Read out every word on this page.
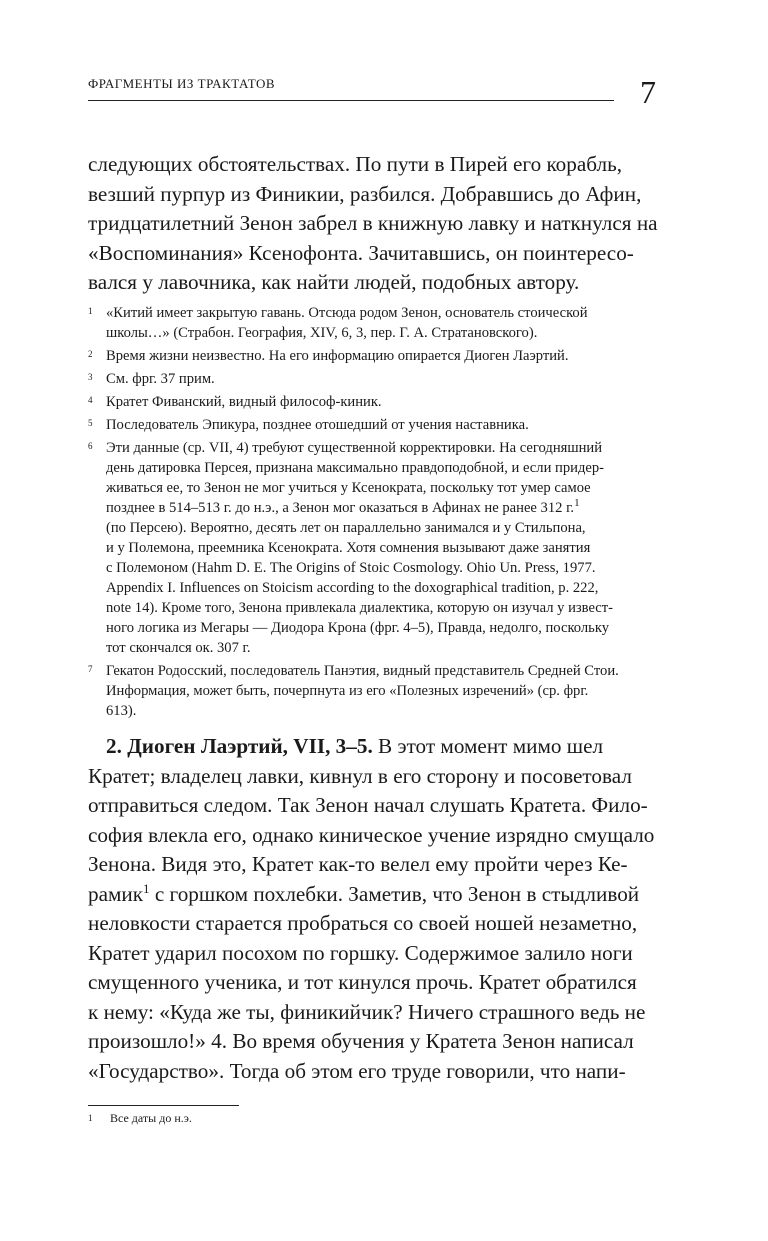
ФРАГМЕНТЫ ИЗ ТРАКТАТОВ	7
следующих обстоятельствах. По пути в Пирей его корабль,
везший пурпур из Финикии, разбился. Добравшись до Афин,
тридцатилетний Зенон забрел в книжную лавку и наткнулся на
«Воспоминания» Ксенофонта. Зачитавшись, он поинтересо-
вался у лавочника, как найти людей, подобных автору.
1 «Китий имеет закрытую гавань. Отсюда родом Зенон, основатель стоической
школы…» (Страбон. География, XIV, 6, 3, пер. Г. А. Стратановского).
2 Время жизни неизвестно. На его информацию опирается Диоген Лаэртий.
3 См. фрг. 37 прим.
4 Кратет Фиванский, видный философ-киник.
5 Последователь Эпикура, позднее отошедший от учения наставника.
6 Эти данные (ср. VII, 4) требуют существенной корректировки. На сегодняшний
день датировка Персея, признана максимально правдоподобной, и если придер-
живаться ее, то Зенон не мог учиться у Ксенократа, поскольку тот умер самое
позднее в 514–513 г. до н.э., а Зенон мог оказаться в Афинах не ранее 312 г.$^1$
(по Персею). Вероятно, десять лет он параллельно занимался и у Стильпона,
и у Полемона, преемника Ксенократа. Хотя сомнения вызывают даже занятия
с Полемоном (Hahm D. E. The Origins of Stoic Cosmology. Ohio Un. Press, 1977.
Appendix I. Influences on Stoicism according to the doxographical tradition, p. 222,
note 14). Кроме того, Зенона привлекала диалектика, которую он изучал у извест-
ного логика из Мегары — Диодора Крона (фрг. 4–5), Правда, недолго, поскольку
тот скончался ок. 307 г.
7 Гекатон Родосский, последователь Панэтия, видный представитель Средней Стои.
Информация, может быть, почерпнута из его «Полезных изречений» (ср. фрг.
613).
2. Диоген Лаэртий, VII, 3–5. В этот момент мимо шел
Кратет; владелец лавки, кивнул в его сторону и посоветовал
отправиться следом. Так Зенон начал слушать Кратета. Фило-
софия влекла его, однако киническое учение изрядно смущало
Зенона. Видя это, Кратет как-то велел ему пройти через Ке-
рамик$^1$ с горшком похлебки. Заметив, что Зенон в стыдливой
неловкости старается пробраться со своей ношей незаметно,
Кратет ударил посохом по горшку. Содержимое залило ноги
смущенного ученика, и тот кинулся прочь. Кратет обратился
к нему: «Куда же ты, финикийчик? Ничего страшного ведь не
произошло!» 4. Во время обучения у Кратета Зенон написал
«Государство». Тогда об этом его труде говорили, что напи-
1	Все даты до н.э.
